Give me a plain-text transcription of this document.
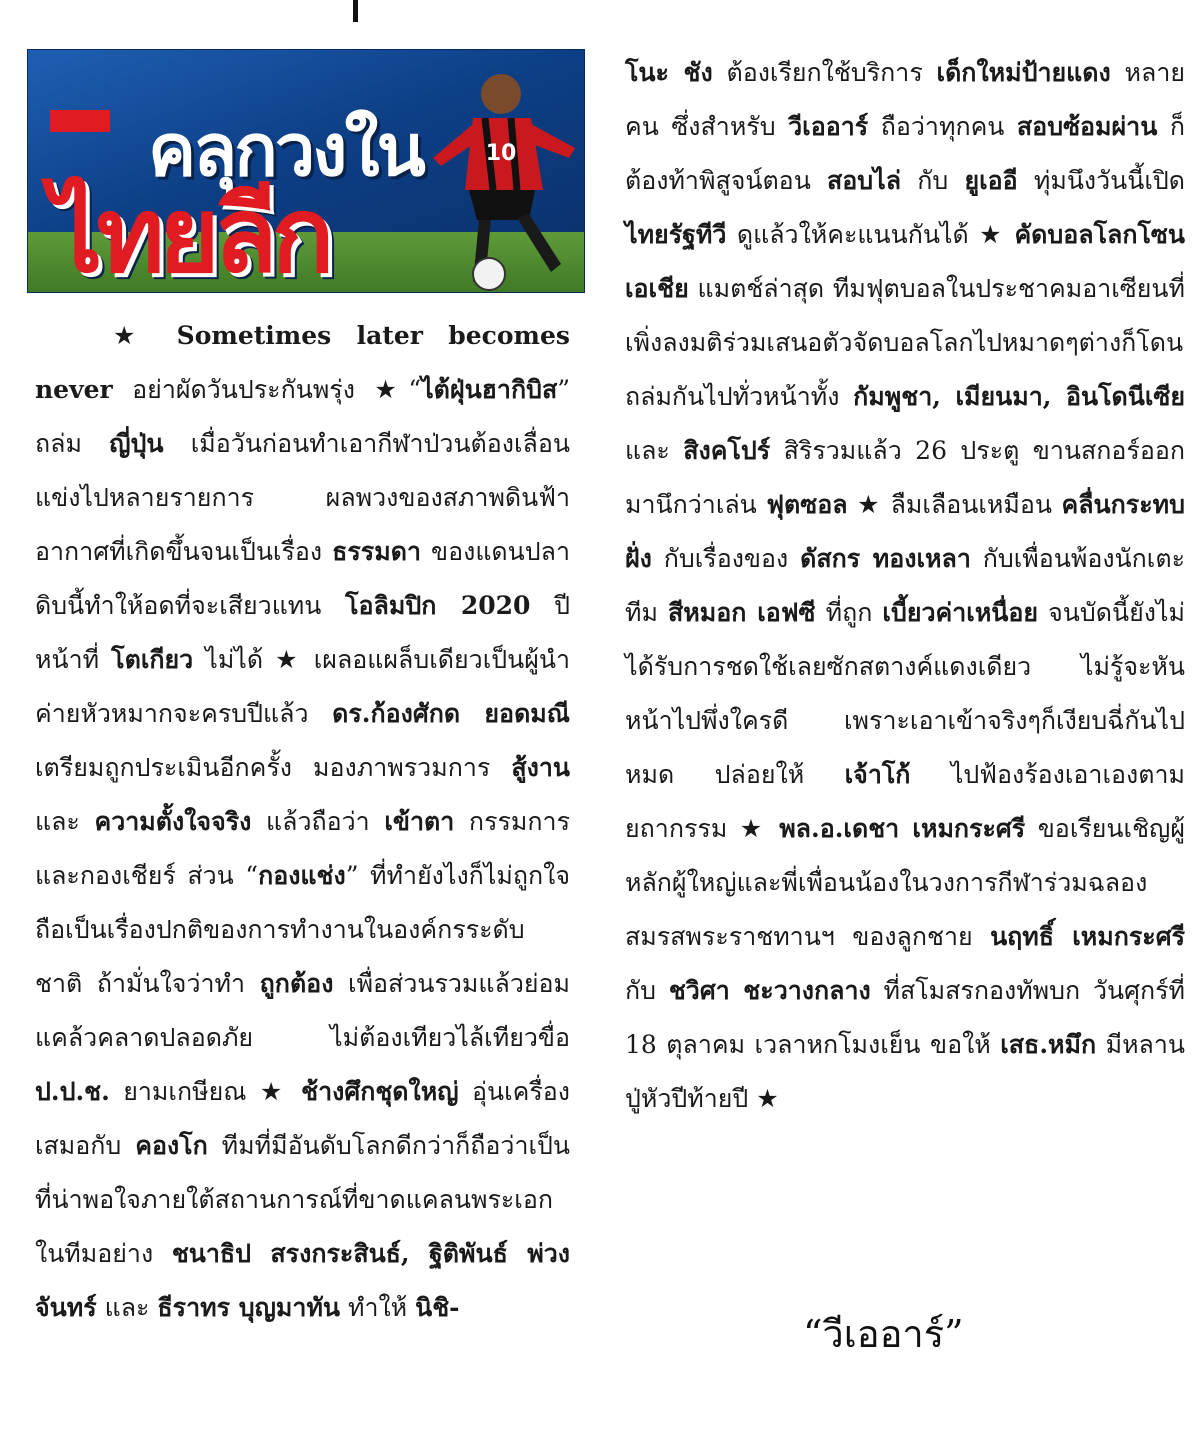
คลุกวงใน
ไทยลีก
10

★ Sometimes later becomes never อย่าผัดวันประกันพรุ่ง ★“ไต้ฝุ่นฮากิบิส” ถล่ม ญี่ปุ่น เมื่อวันก่อนทำเอากีฬาป่วนต้องเลื่อนแข่งไปหลายรายการ ผลพวงของสภาพดินฟ้าอากาศที่เกิดขึ้นจนเป็นเรื่อง ธรรมดา ของแดนปลาดิบนี้ทำให้อดที่จะเสียวแทน โอลิมปิก 2020 ปีหน้าที่ โตเกียว ไม่ได้ ★ เผลอแผล็บเดียวเป็นผู้นำค่ายหัวหมากจะครบปีแล้ว ดร.ก้องศักด ยอดมณี เตรียมถูกประเมินอีกครั้ง มองภาพรวมการ สู้งาน และ ความตั้งใจจริง แล้วถือว่า เข้าตา กรรมการและกองเชียร์ ส่วน “กองแช่ง” ที่ทำยังไงก็ไม่ถูกใจ ถือเป็นเรื่องปกติของการทำงานในองค์กรระดับชาติ ถ้ามั่นใจว่าทำ ถูกต้อง เพื่อส่วนรวมแล้วย่อมแคล้วคลาดปลอดภัย ไม่ต้องเทียวไล้เทียวขื่อ ป.ป.ช. ยามเกษียณ ★ ช้างศึกชุดใหญ่ อุ่นเครื่องเสมอกับ คองโก ทีมที่มีอันดับโลกดีกว่าก็ถือว่าเป็นที่น่าพอใจภายใต้สถานการณ์ที่ขาดแคลนพระเอกในทีมอย่าง ชนาธิป สรงกระสินธ์, ฐิติพันธ์ พ่วงจันทร์ และ ธีราทร บุญมาทัน ทำให้ นิชิ-

โนะ ชัง ต้องเรียกใช้บริการ เด็กใหม่ป้ายแดง หลายคน ซึ่งสำหรับ วีเออาร์ ถือว่าทุกคน สอบซ้อมผ่าน ก็ต้องท้าพิสูจน์ตอน สอบไล่ กับ ยูเออี ทุ่มนึงวันนี้เปิด ไทยรัฐทีวี ดูแล้วให้คะแนนกันได้ ★ คัดบอลโลกโซนเอเชีย แมตช์ล่าสุด ทีมฟุตบอลในประชาคมอาเซียนที่เพิ่งลงมติร่วมเสนอตัวจัดบอลโลกไปหมาดๆต่างก็โดนถล่มกันไปทั่วหน้าทั้ง กัมพูชา, เมียนมา, อินโดนีเซีย และ สิงคโปร์ สิริรวมแล้ว 26 ประตู ขานสกอร์ออกมานึกว่าเล่น ฟุตซอล ★ ลืมเลือนเหมือน คลื่นกระทบฝั่ง กับเรื่องของ ดัสกร ทองเหลา กับเพื่อนพ้องนักเตะทีม สีหมอก เอฟซี ที่ถูก เบี้ยวค่าเหนื่อย จนบัดนี้ยังไม่ได้รับการชดใช้เลยซักสตางค์แดงเดียว ไม่รู้จะหันหน้าไปพึ่งใครดี เพราะเอาเข้าจริงๆก็เงียบฉี่กันไปหมด ปล่อยให้ เจ้าโก้ ไปฟ้องร้องเอาเองตามยถากรรม ★ พล.อ.เดชา เหมกระศรี ขอเรียนเชิญผู้หลักผู้ใหญ่และพี่เพื่อนน้องในวงการกีฬาร่วมฉลองสมรสพระราชทานฯ ของลูกชาย นฤทธิ์ เหมกระศรี กับ ชวิศา ชะวางกลาง ที่สโมสรกองทัพบก วันศุกร์ที่ 18 ตุลาคม เวลาหกโมงเย็น ขอให้ เสธ.หมึก มีหลานปู่หัวปีท้ายปี ★

“วีเออาร์”
